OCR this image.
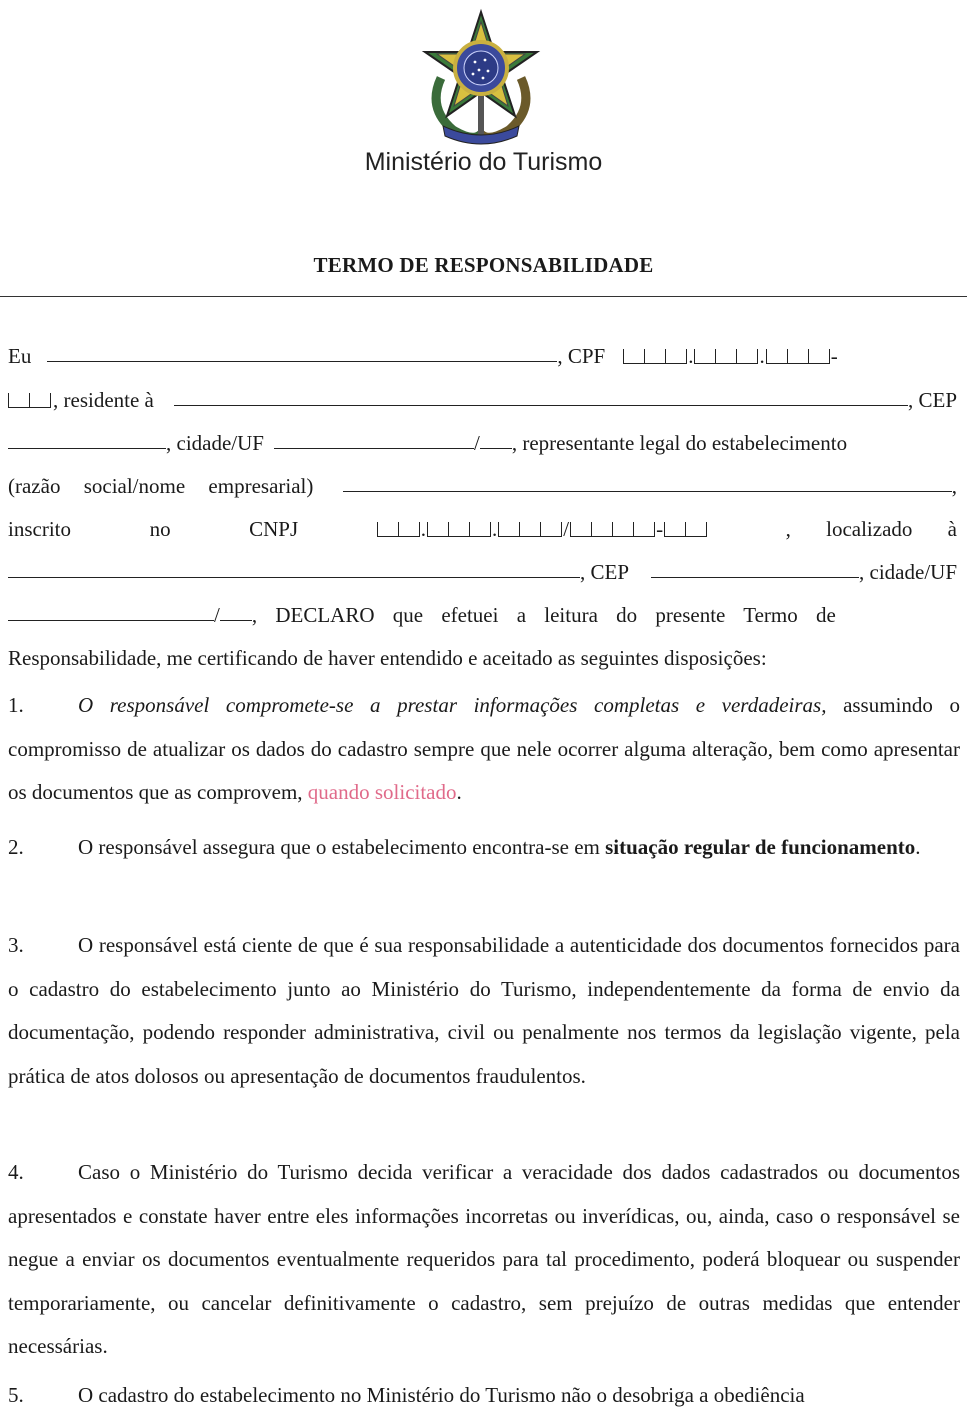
Ministério do Turismo
TERMO DE RESPONSABILIDADE
Eu	, CPF	.	.	-
, residente à	, CEP
, cidade/UF	/ , representante legal do estabelecimento
(razão social/nome empresarial)	,
inscrito	no	CNPJ	.	.	/	-	, localizado à
, CEP	, cidade/UF
/ , DECLARO que efetuei a leitura do presente Termo de
Responsabilidade, me certificando de haver entendido e aceitado as seguintes disposições:
1.	O responsável compromete-se a prestar informações completas e verdadeiras, assumindo o compromisso de atualizar os dados do cadastro sempre que nele ocorrer alguma alteração, bem como apresentar os documentos que as comprovem, quando solicitado.
2.	O responsável assegura que o estabelecimento encontra-se em situação regular de funcionamento.
3.	O responsável está ciente de que é sua responsabilidade a autenticidade dos documentos fornecidos para o cadastro do estabelecimento junto ao Ministério do Turismo, independentemente da forma de envio da documentação, podendo responder administrativa, civil ou penalmente nos termos da legislação vigente, pela prática de atos dolosos ou apresentação de documentos fraudulentos.
4.	Caso o Ministério do Turismo decida verificar a veracidade dos dados cadastrados ou documentos apresentados e constate haver entre eles informações incorretas ou inverídicas, ou, ainda, caso o responsável se negue a enviar os documentos eventualmente requeridos para tal procedimento, poderá bloquear ou suspender temporariamente, ou cancelar definitivamente o cadastro, sem prejuízo de outras medidas que entender necessárias.
5.	O cadastro do estabelecimento no Ministério do Turismo não o desobriga a obediência
